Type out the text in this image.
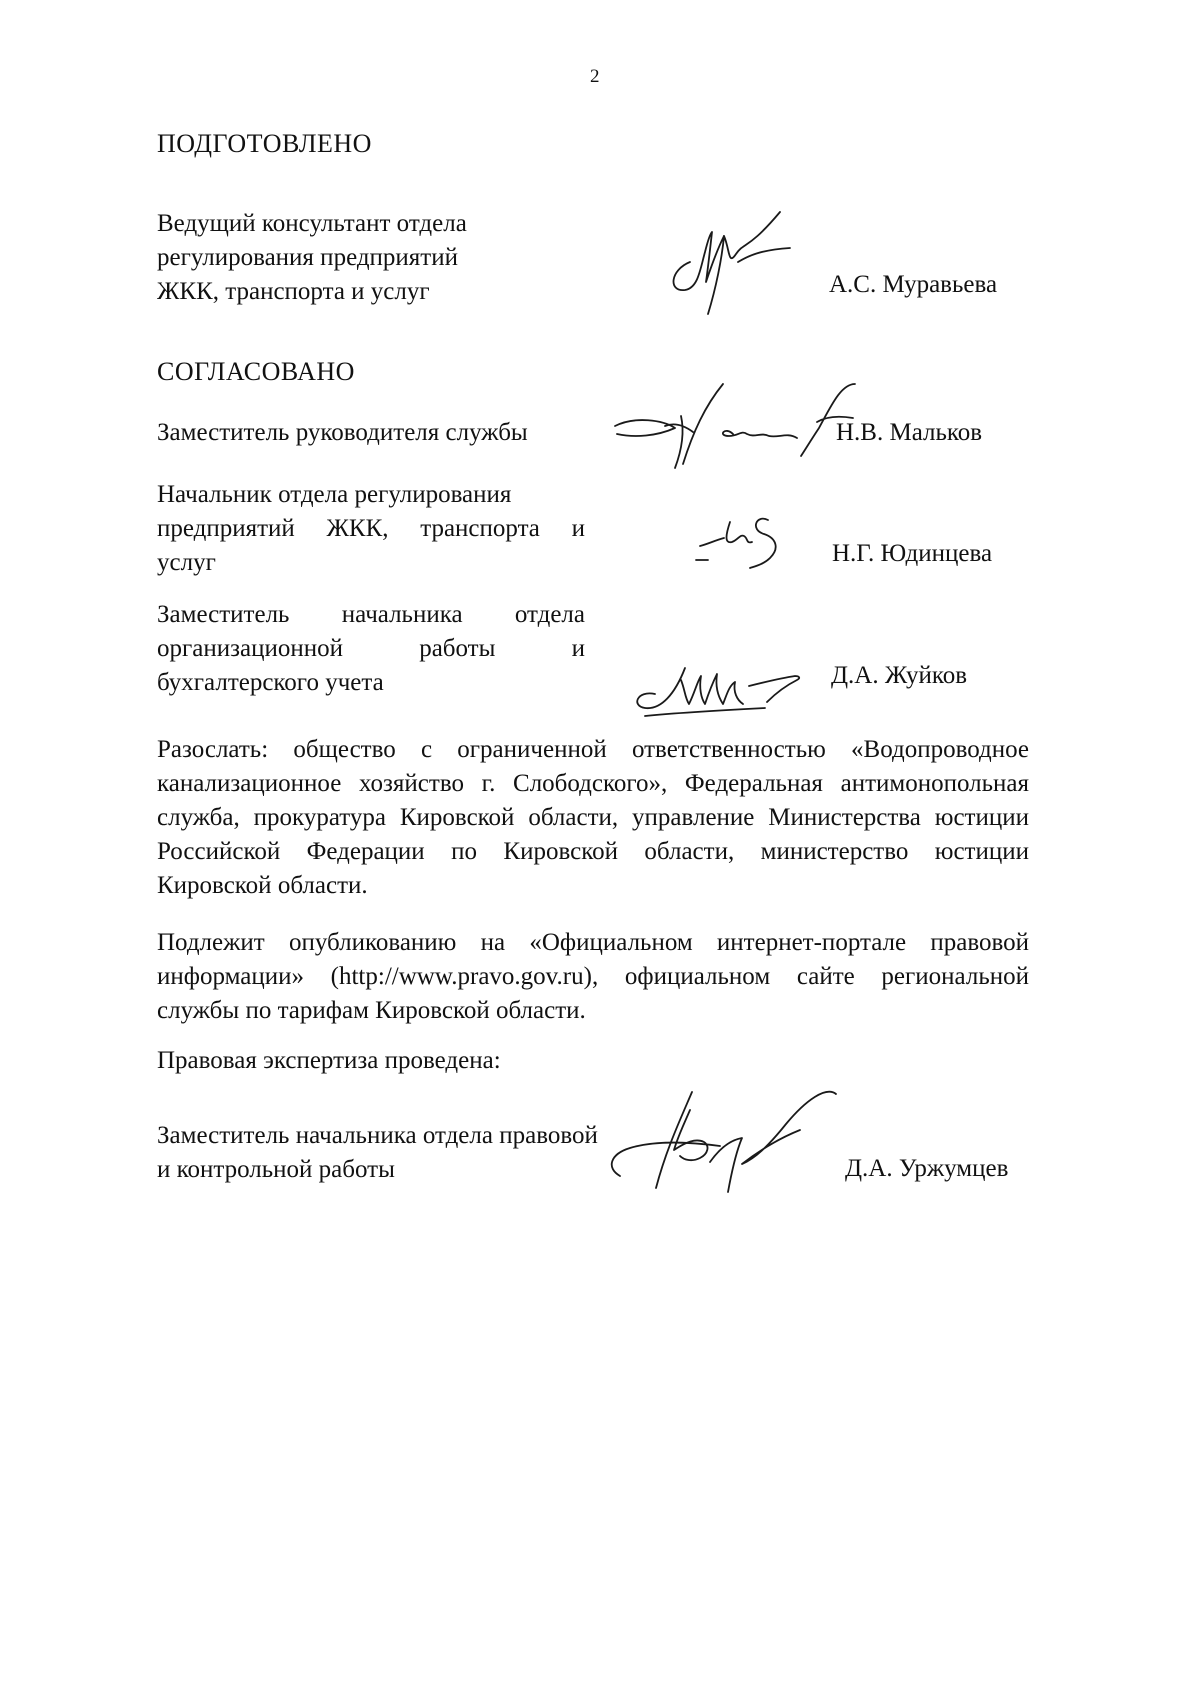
2
ПОДГОТОВЛЕНО
Ведущий консультант отдела
регулирования предприятий
ЖКК, транспорта и услуг	А.С. Муравьева
СОГЛАСОВАНО
Заместитель руководителя службы	Н.В. Мальков
Начальник отдела регулирования
предприятий ЖКК, транспорта и
услуг	Н.Г. Юдинцева
Заместитель начальника отдела
организационной работы и
бухгалтерского учета	Д.А. Жуйков
Разослать: общество с ограниченной ответственностью «Водопроводное
канализационное хозяйство г. Слободского», Федеральная антимонопольная
служба, прокуратура Кировской области, управление Министерства юстиции
Российской Федерации по Кировской области, министерство юстиции
Кировской области.
Подлежит опубликованию на «Официальном интернет-портале правовой
информации» (http://www.pravo.gov.ru), официальном сайте региональной
службы по тарифам Кировской области.
Правовая экспертиза проведена:
Заместитель начальника отдела правовой
и контрольной работы	Д.А. Уржумцев
